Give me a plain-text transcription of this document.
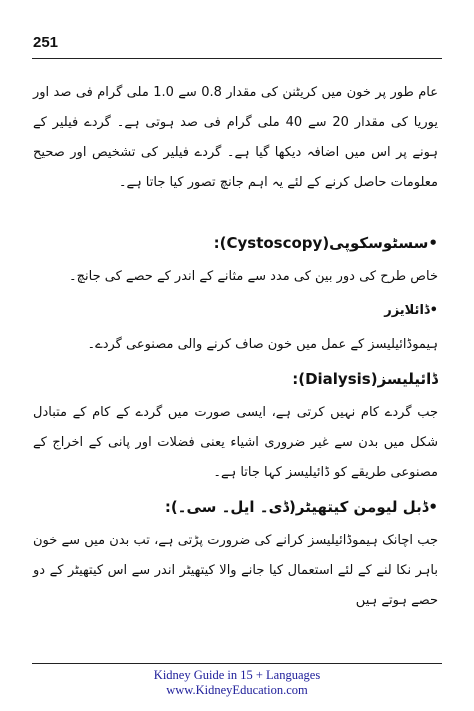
251

عام طور پر خون میں کریٹنن کی مقدار 0.8 سے 1.0 ملی گرام فی صد اور یوریا کی مقدار 20 سے 40 ملی گرام فی صد ہوتی ہے۔ گردے فیلیر کے ہونے پر اس میں اضافہ دیکھا گیا ہے۔ گردے فیلیر کی تشخیص اور صحیح معلومات حاصل کرنے کے لئے یہ اہم جانچ تصور کیا جاتا ہے۔

•سسٹوسکوپی(Cystoscopy):

خاص طرح کی دور بین کی مدد سے مثانے کے اندر کے حصے کی جانچ۔

•ڈائلایزر

ہیموڈائیلیسز کے عمل میں خون صاف کرنے والی مصنوعی گردے۔

ڈائیلیسز(Dialysis):

جب گردے کام نہیں کرتی ہے، ایسی صورت میں گردے کے کام کے متبادل شکل میں بدن سے غیر ضروری اشیاء یعنی فضلات اور پانی کے اخراج کے مصنوعی طریقے کو ڈائیلیسز کہا جاتا ہے۔

•ڈبل لیومن کیتھیٹر(ڈی۔ ایل۔ سی۔):

جب اچانک ہیموڈائیلیسز کرانے کی ضرورت پڑتی ہے، تب بدن میں سے خون باہر نکا لنے کے لئے استعمال کیا جانے والا کیتھیٹر اندر سے اس کیتھیٹر کے دو حصے ہوتے ہیں

Kidney Guide in 15 + Languages
www.KidneyEducation.com
